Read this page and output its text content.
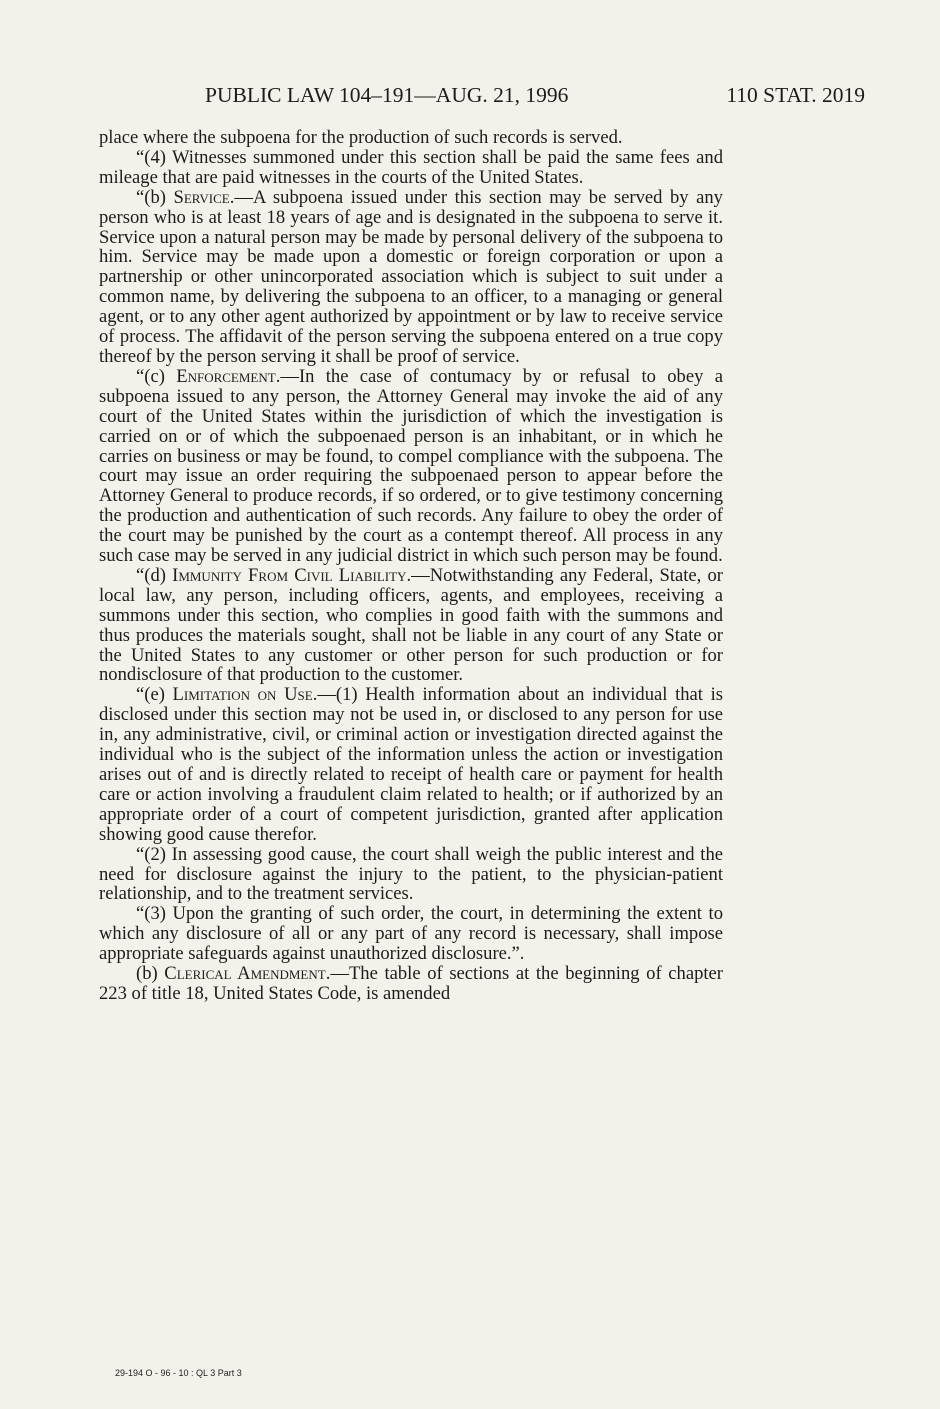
PUBLIC LAW 104–191—AUG. 21, 1996	110 STAT. 2019

place where the subpoena for the production of such records is served.

“(4) Witnesses summoned under this section shall be paid the same fees and mileage that are paid witnesses in the courts of the United States.

“(b) Service.—A subpoena issued under this section may be served by any person who is at least 18 years of age and is designated in the subpoena to serve it. Service upon a natural person may be made by personal delivery of the subpoena to him. Service may be made upon a domestic or foreign corporation or upon a partnership or other unincorporated association which is subject to suit under a common name, by delivering the subpoena to an officer, to a managing or general agent, or to any other agent authorized by appointment or by law to receive service of process. The affidavit of the person serving the subpoena entered on a true copy thereof by the person serving it shall be proof of service.

“(c) Enforcement.—In the case of contumacy by or refusal to obey a subpoena issued to any person, the Attorney General may invoke the aid of any court of the United States within the jurisdiction of which the investigation is carried on or of which the subpoenaed person is an inhabitant, or in which he carries on business or may be found, to compel compliance with the subpoena. The court may issue an order requiring the subpoenaed person to appear before the Attorney General to produce records, if so ordered, or to give testimony concerning the production and authentication of such records. Any failure to obey the order of the court may be punished by the court as a contempt thereof. All process in any such case may be served in any judicial district in which such person may be found.

“(d) Immunity From Civil Liability.—Notwithstanding any Federal, State, or local law, any person, including officers, agents, and employees, receiving a summons under this section, who complies in good faith with the summons and thus produces the materials sought, shall not be liable in any court of any State or the United States to any customer or other person for such production or for nondisclosure of that production to the customer.

“(e) Limitation on Use.—(1) Health information about an individual that is disclosed under this section may not be used in, or disclosed to any person for use in, any administrative, civil, or criminal action or investigation directed against the individual who is the subject of the information unless the action or investigation arises out of and is directly related to receipt of health care or payment for health care or action involving a fraudulent claim related to health; or if authorized by an appropriate order of a court of competent jurisdiction, granted after application showing good cause therefor.

“(2) In assessing good cause, the court shall weigh the public interest and the need for disclosure against the injury to the patient, to the physician-patient relationship, and to the treatment services.

“(3) Upon the granting of such order, the court, in determining the extent to which any disclosure of all or any part of any record is necessary, shall impose appropriate safeguards against unauthorized disclosure.”.

(b) Clerical Amendment.—The table of sections at the beginning of chapter 223 of title 18, United States Code, is amended

29-194 O - 96 - 10 : QL 3 Part 3
